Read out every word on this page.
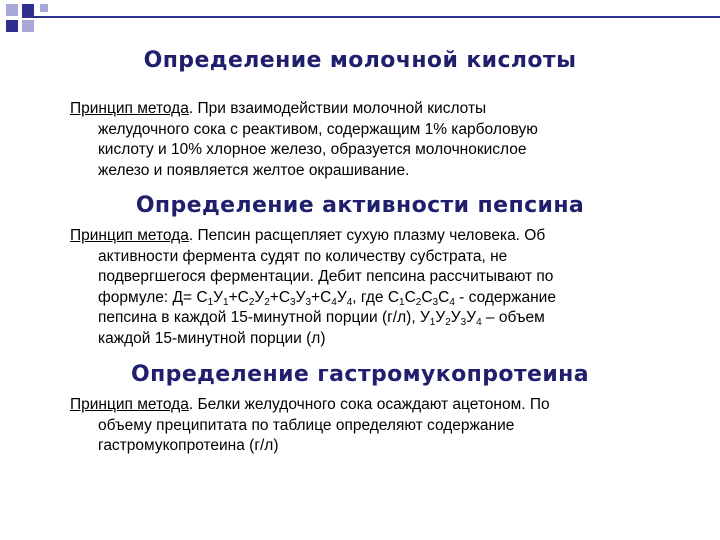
Определение молочной кислоты
Принцип метода. При взаимодействии молочной кислоты
желудочного сока с реактивом, содержащим 1% карболовую
кислоту и 10% хлорное железо, образуется молочнокислое
железо и появляется желтое окрашивание.
Определение активности пепсина
Принцип метода. Пепсин расщепляет сухую плазму человека. Об
активности фермента судят по количеству субстрата, не
подвергшегося ферментации. Дебит пепсина рассчитывают по
формуле: $Д= С_1У_1+С_2У_2+С_3У_3+С_4У_4$, где $С_1С_2С_3С_4$ - содержание
пепсина в каждой 15-минутной порции (г/л), $У_1У_2У_3У_4$ – объем
каждой 15-минутной порции (л)
Определение гастромукопротеина
Принцип метода. Белки желудочного сока осаждают ацетоном. По
объему преципитата по таблице определяют содержание
гастромукопротеина (г/л)
